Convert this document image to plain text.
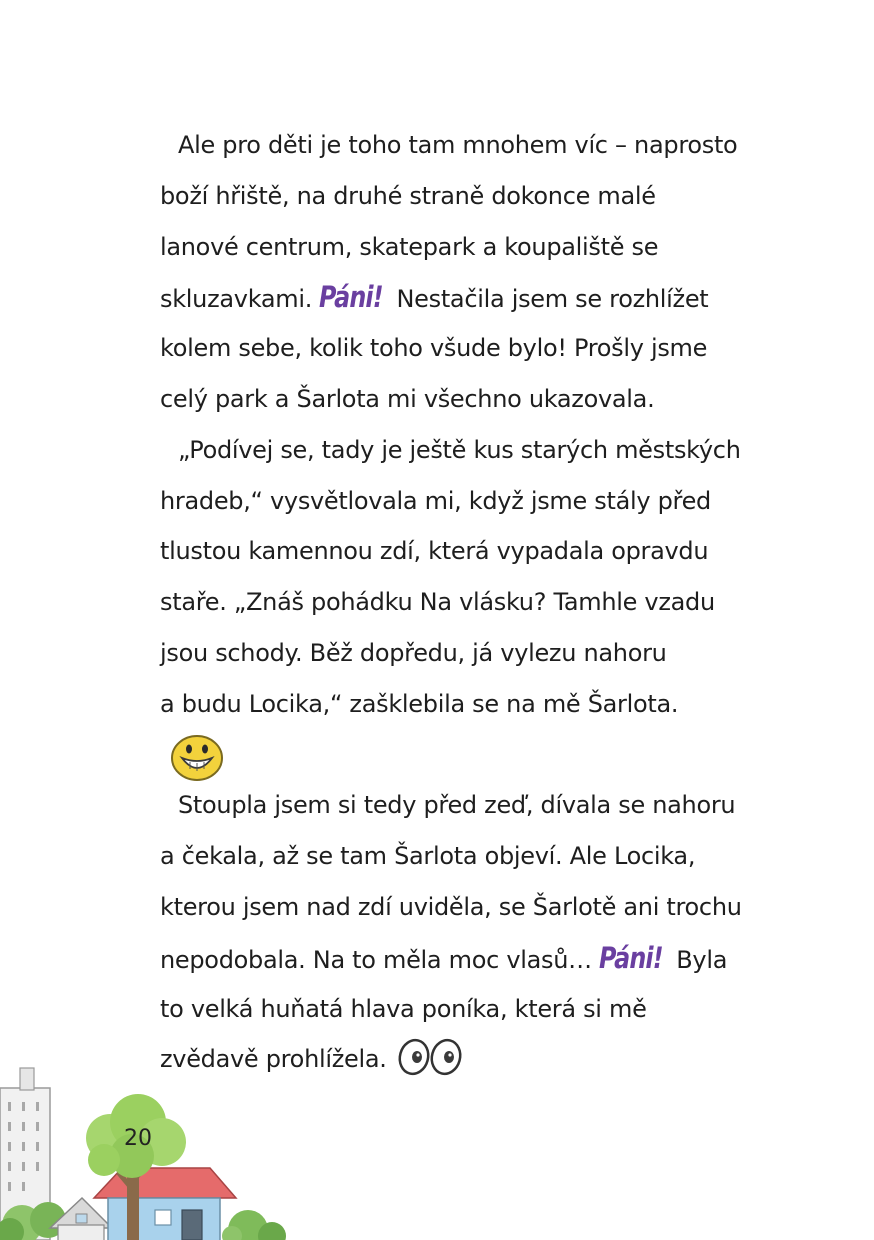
Ale pro děti je toho tam mnohem víc – naprosto
boží hřiště, na druhé straně dokonce malé
lanové centrum, skatepark a koupaliště se
skluzavkami. Páni! Nestačila jsem se rozhlížet
kolem sebe, kolik toho všude bylo! Prošly jsme
celý park a Šarlota mi všechno ukazovala.
„Podívej se, tady je ještě kus starých městských
hradeb,“ vysvětlovala mi, když jsme stály před
tlustou kamennou zdí, která vypadala opravdu
staře. „Znáš pohádku Na vlásku? Tamhle vzadu
jsou schody. Běž dopředu, já vylezu nahoru
a budu Locika,“ zašklebila se na mě Šarlota.
Stoupla jsem si tedy před zeď, dívala se nahoru
a čekala, až se tam Šarlota objeví. Ale Locika,
kterou jsem nad zdí uviděla, se Šarlotě ani trochu
nepodobala. Na to měla moc vlasů… Páni! Byla
to velká huňatá hlava poníka, která si mě
zvědavě prohlížela.
20
